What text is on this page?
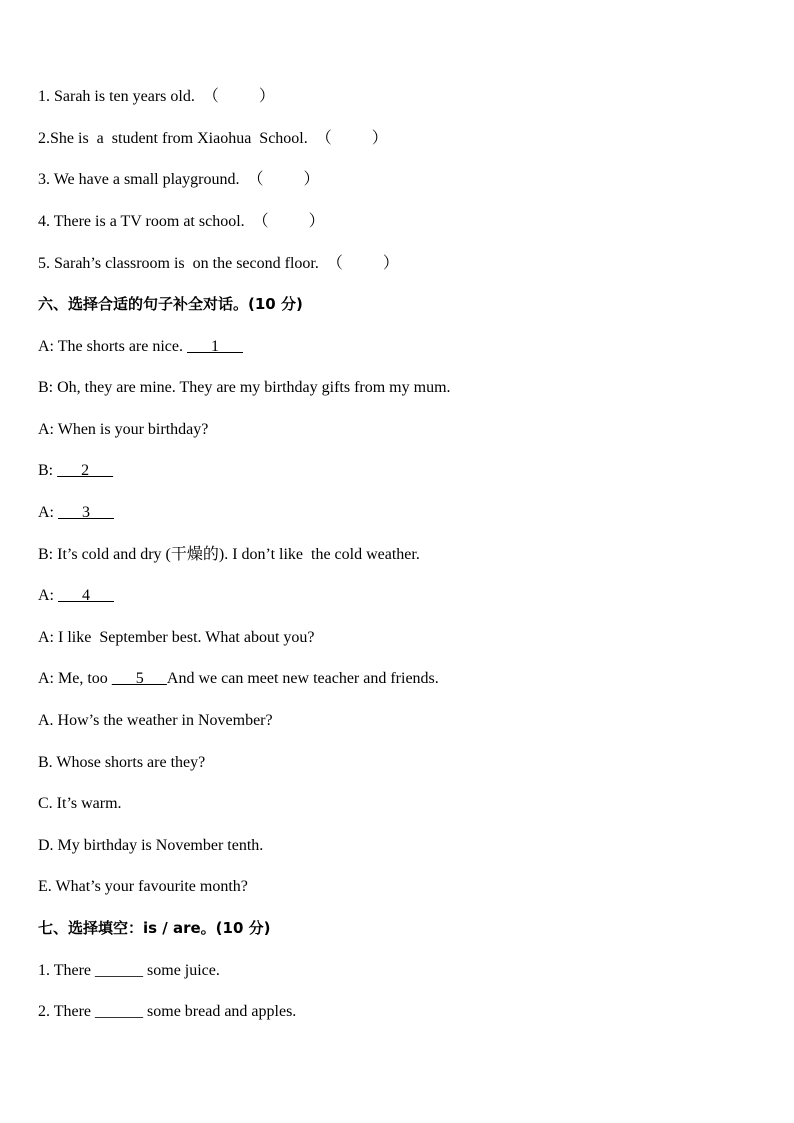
1. Sarah is ten years old.  （          ）
2.She is  a  student from Xiaohua  School.  （          ）
3. We have a small playground.  （          ）
4. There is a TV room at school.  （          ）
5. Sarah’s classroom is  on the second floor.  （          ）
六、选择合适的句子补全对话。(10 分)
A: The shorts are nice.       1
B: Oh, they are mine. They are my birthday gifts from my mum.
A: When is your birthday?
B:       2
A:       3
B: It’s cold and dry (干燥的). I don’t like  the cold weather.
A:       4
A: I like  September best. What about you?
A: Me, too       5      And we can meet new teacher and friends.
A. How’s the weather in November?
B. Whose shorts are they?
C. It’s warm.
D. My birthday is November tenth.
E. What’s your favourite month?
七、选择填空：is / are。(10 分)
1. There ______ some juice.
2. There ______ some bread and apples.
